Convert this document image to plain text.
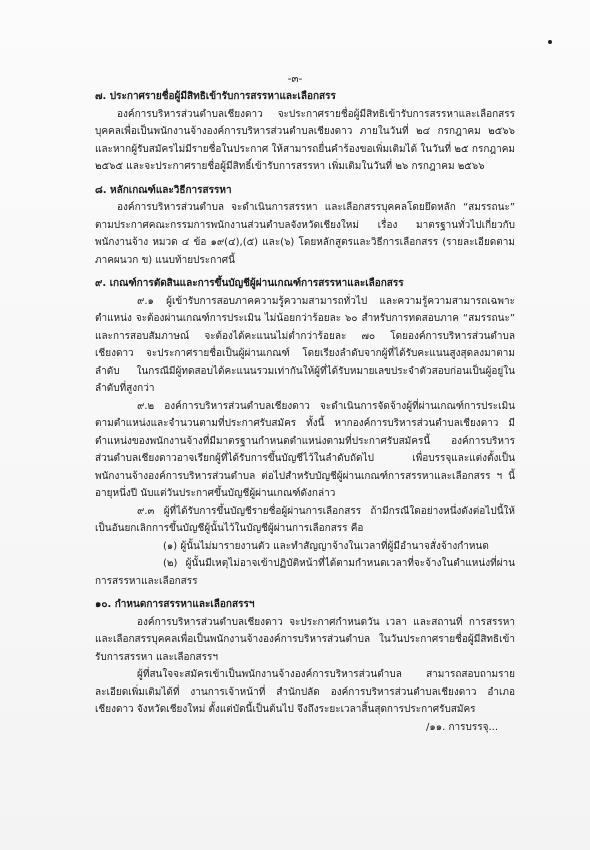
-๓-
๗. ประกาศรายชื่อผู้มีสิทธิเข้ารับการสรรหาและเลือกสรร
องค์การบริหารส่วนตำบลเชียงดาว จะประกาศรายชื่อผู้มีสิทธิเข้ารับการสรรหาและเลือกสรรบุคคลเพื่อเป็นพนักงานจ้างองค์การบริหารส่วนตำบลเชียงดาว ภายในวันที่ ๒๔ กรกฎาคม ๒๕๖๖ และหากผู้รับสมัครไม่มีรายชื่อในประกาศ ให้สามารถยื่นคำร้องขอเพิ่มเติมได้ ในวันที่ ๒๕ กรกฎาคม ๒๕๖๕ และจะประกาศรายชื่อผู้มีสิทธิ์เข้ารับการสรรหา เพิ่มเติมในวันที่ ๒๖ กรกฎาคม ๒๕๖๖
๘. หลักเกณฑ์และวิธีการสรรหา
องค์การบริหารส่วนตำบล จะดำเนินการสรรหา และเลือกสรรบุคคลโดยยึดหลัก “สมรรถนะ” ตามประกาศคณะกรรมการพนักงานส่วนตำบลจังหวัดเชียงใหม่ เรื่อง มาตรฐานทั่วไปเกี่ยวกับพนักงานจ้าง หมวด ๔ ข้อ ๑๙(๔),(๕) และ(๖) โดยหลักสูตรและวิธีการเลือกสรร (รายละเอียดตาม ภาคผนวก ข) แนบท้ายประกาศนี้
๙. เกณฑ์การตัดสินและการขึ้นบัญชีผู้ผ่านเกณฑ์การสรรหาและเลือกสรร
๙.๑ ผู้เข้ารับการสอบภาคความรู้ความสามารถทั่วไป และความรู้ความสามารถเฉพาะตำแหน่ง จะต้องผ่านเกณฑ์การประเมิน ไม่น้อยกว่าร้อยละ ๖๐ สำหรับการทดสอบภาค “สมรรถนะ” และการสอบสัมภาษณ์ จะต้องได้คะแนนไม่ต่ำกว่าร้อยละ ๗๐ โดยองค์การบริหารส่วนตำบลเชียงดาว จะประกาศรายชื่อเป็นผู้ผ่านเกณฑ์ โดยเรียงลำดับจากผู้ที่ได้รับคะแนนสูงสุดลงมาตามลำดับ ในกรณีมีผู้ทดสอบได้คะแนนรวมเท่ากันให้ผู้ที่ได้รับหมายเลขประจำตัวสอบก่อนเป็นผู้อยู่ในลำดับที่สูงกว่า
๙.๒ องค์การบริหารส่วนตำบลเชียงดาว จะดำเนินการจัดจ้างผู้ที่ผ่านเกณฑ์การประเมินตามตำแหน่งและจำนวนตามที่ประกาศรับสมัคร ทั้งนี้ หากองค์การบริหารส่วนตำบลเชียงดาว มีตำแหน่งของพนักงานจ้างที่มีมาตรฐานกำหนดตำแหน่งตามที่ประกาศรับสมัครนี้ องค์การบริหารส่วนตำบลเชียงดาวอาจเรียกผู้ที่ได้รับการขึ้นบัญชีไว้ในลำดับถัดไป เพื่อบรรจุและแต่งตั้งเป็นพนักงานจ้างองค์การบริหารส่วนตำบล ต่อไปสำหรับบัญชีผู้ผ่านเกณฑ์การสรรหาและเลือกสรร ฯ นี้อายุหนึ่งปี นับแต่วันประกาศขึ้นบัญชีผู้ผ่านเกณฑ์ดังกล่าว
๙.๓ ผู้ที่ได้รับการขึ้นบัญชีรายชื่อผู้ผ่านการเลือกสรร ถ้ามีกรณีใดอย่างหนึ่งดังต่อไปนี้ให้เป็นอันยกเลิกการขึ้นบัญชีผู้นั้นไว้ในบัญชีผู้ผ่านการเลือกสรร คือ
(๑) ผู้นั้นไม่มารายงานตัว และทำสัญญาจ้างในเวลาที่ผู้มีอำนาจสั่งจ้างกำหนด
(๒) ผู้นั้นมีเหตุไม่อาจเข้าปฏิบัติหน้าที่ได้ตามกำหนดเวลาที่จะจ้างในตำแหน่งที่ผ่านการสรรหาและเลือกสรร
๑๐. กำหนดการสรรหาและเลือกสรรฯ
องค์การบริหารส่วนตำบลเชียงดาว จะประกาศกำหนดวัน เวลา และสถานที่ การสรรหาและเลือกสรรบุคคลเพื่อเป็นพนักงานจ้างองค์การบริหารส่วนตำบล ในวันประกาศรายชื่อผู้มีสิทธิเข้ารับการสรรหา และเลือกสรรฯ
ผู้ที่สนใจจะสมัครเข้าเป็นพนักงานจ้างองค์การบริหารส่วนตำบล สามารถสอบถามรายละเอียดเพิ่มเติมได้ที่ งานการเจ้าหน้าที่ สำนักปลัด องค์การบริหารส่วนตำบลเชียงดาว อำเภอเชียงดาว จังหวัดเชียงใหม่ ตั้งแต่บัดนี้เป็นต้นไป จึงถึงระยะเวลาสิ้นสุดการประกาศรับสมัคร
/๑๑. การบรรจุ...
